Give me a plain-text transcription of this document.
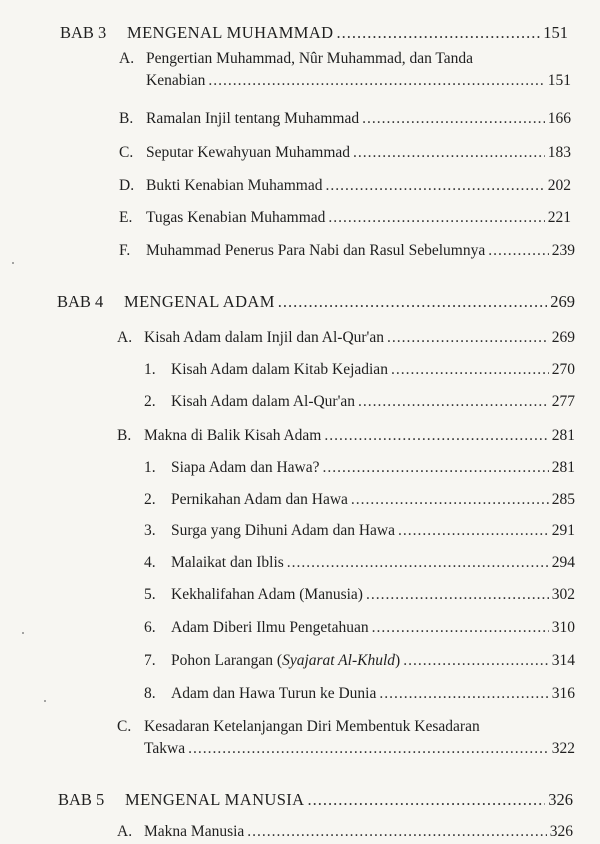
BAB 3	MENGENAL MUHAMMAD .....	151
A. Pengertian Muhammad, Nûr Muhammad, dan Tanda
Kenabian .....	151
B. Ramalan Injil tentang Muhammad .....	166
C. Seputar Kewahyuan Muhammad .....	183
D. Bukti Kenabian Muhammad .....	202
E. Tugas Kenabian Muhammad .....	221
F.	Muhammad Penerus Para Nabi dan Rasul Sebelumnya .....	239
BAB 4	MENGENAL ADAM .....	269
A. Kisah Adam dalam Injil dan Al-Qur'an .....	269
1. Kisah Adam dalam Kitab Kejadian .....	270
2. Kisah Adam dalam Al-Qur'an .....	277
B. Makna di Balik Kisah Adam .....	281
1. Siapa Adam dan Hawa? .....	281
2. Pernikahan Adam dan Hawa .....	285
3. Surga yang Dihuni Adam dan Hawa .....	291
4. Malaikat dan Iblis .....	294
5. Kekhalifahan Adam (Manusia) .....	302
6. Adam Diberi Ilmu Pengetahuan .....	310
7. Pohon Larangan ( Syajarat Al-Khuld ) .....	314
8. Adam dan Hawa Turun ke Dunia .....	316
C. Kesadaran Ketelanjangan Diri Membentuk Kesadaran
Takwa .....	322
BAB 5	MENGENAL MANUSIA .....	326
A. Makna Manusia .....	326
